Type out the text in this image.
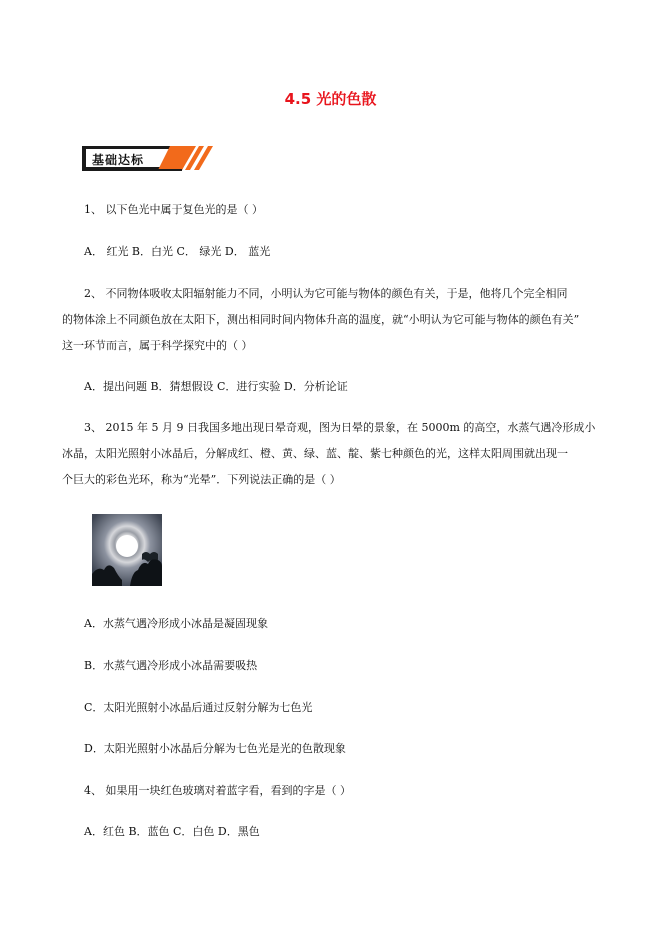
4.5 光的色散
基础达标
1、 以下色光中属于复色光的是（ ）
A． 红光 B．白光 C． 绿光 D． 蓝光
2、 不同物体吸收太阳辐射能力不同，小明认为它可能与物体的颜色有关，于是，他将几个完全相同
的物体涂上不同颜色放在太阳下，测出相同时间内物体升高的温度，就“小明认为它可能与物体的颜色有关”
这一环节而言，属于科学探究中的（ ）
A．提出问题 B．猜想假设 C．进行实验 D．分析论证
3、 2015 年 5 月 9 日我国多地出现日晕奇观，图为日晕的景象，在 5000m 的高空，水蒸气遇冷形成小
冰晶，太阳光照射小冰晶后，分解成红、橙、黄、绿、蓝、靛、紫七种颜色的光，这样太阳周围就出现一
个巨大的彩色光环，称为“光晕”．下列说法正确的是（ ）
A．水蒸气遇冷形成小冰晶是凝固现象
B．水蒸气遇冷形成小冰晶需要吸热
C．太阳光照射小冰晶后通过反射分解为七色光
D．太阳光照射小冰晶后分解为七色光是光的色散现象
4、 如果用一块红色玻璃对着蓝字看，看到的字是（ ）
A．红色 B．蓝色 C．白色 D．黑色
